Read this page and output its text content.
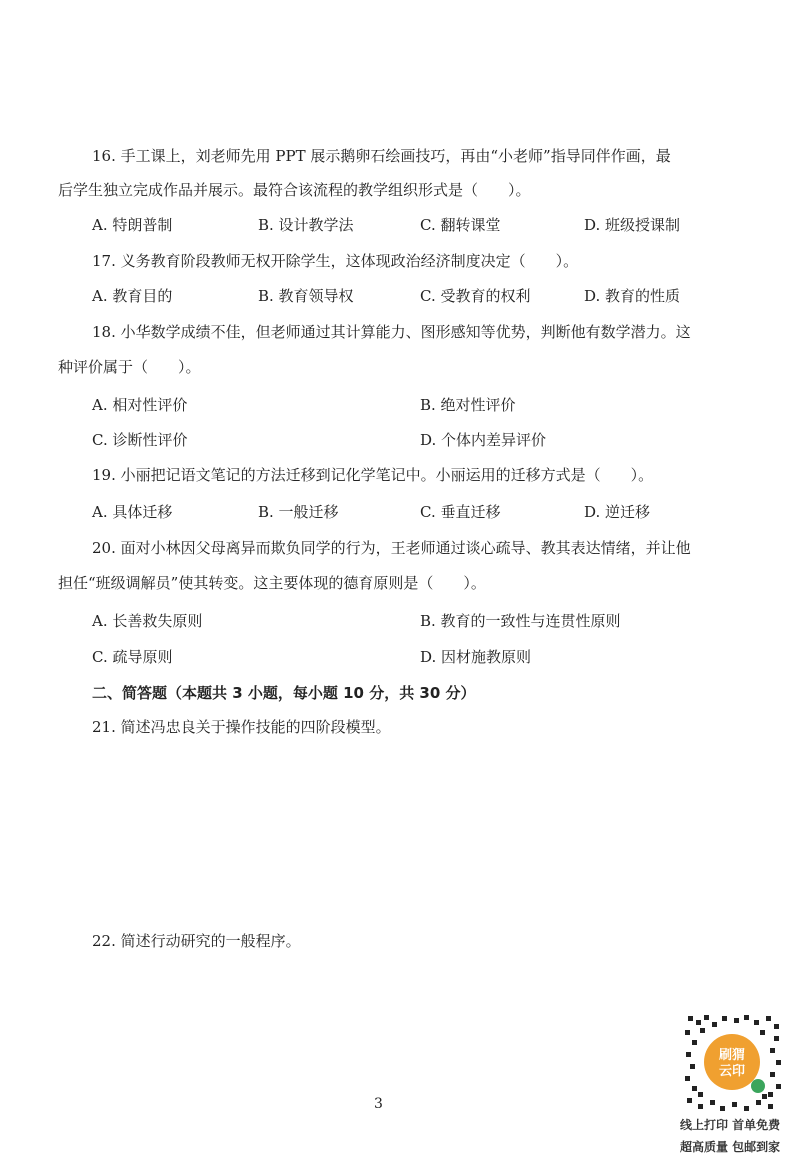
16. 手工课上，刘老师先用 PPT 展示鹅卵石绘画技巧，再由“小老师”指导同伴作画，最
后学生独立完成作品并展示。最符合该流程的教学组织形式是（　　）。
A. 特朗普制	B. 设计教学法	C. 翻转课堂	D. 班级授课制
17. 义务教育阶段教师无权开除学生，这体现政治经济制度决定（　　）。
A. 教育目的	B. 教育领导权	C. 受教育的权利	D. 教育的性质
18. 小华数学成绩不佳，但老师通过其计算能力、图形感知等优势，判断他有数学潜力。这
种评价属于（　　）。
A. 相对性评价	B. 绝对性评价
C. 诊断性评价	D. 个体内差异评价
19. 小丽把记语文笔记的方法迁移到记化学笔记中。小丽运用的迁移方式是（　　）。
A. 具体迁移	B. 一般迁移	C. 垂直迁移	D. 逆迁移
20. 面对小林因父母离异而欺负同学的行为，王老师通过谈心疏导、教其表达情绪，并让他
担任“班级调解员”使其转变。这主要体现的德育原则是（　　）。
A. 长善救失原则	B. 教育的一致性与连贯性原则
C. 疏导原则	D. 因材施教原则
二、简答题（本题共 3 小题，每小题 10 分，共 30 分）
21. 简述冯忠良关于操作技能的四阶段模型。
22. 简述行动研究的一般程序。
3
刷猬
云印
线上打印 首单免费
超高质量 包邮到家
